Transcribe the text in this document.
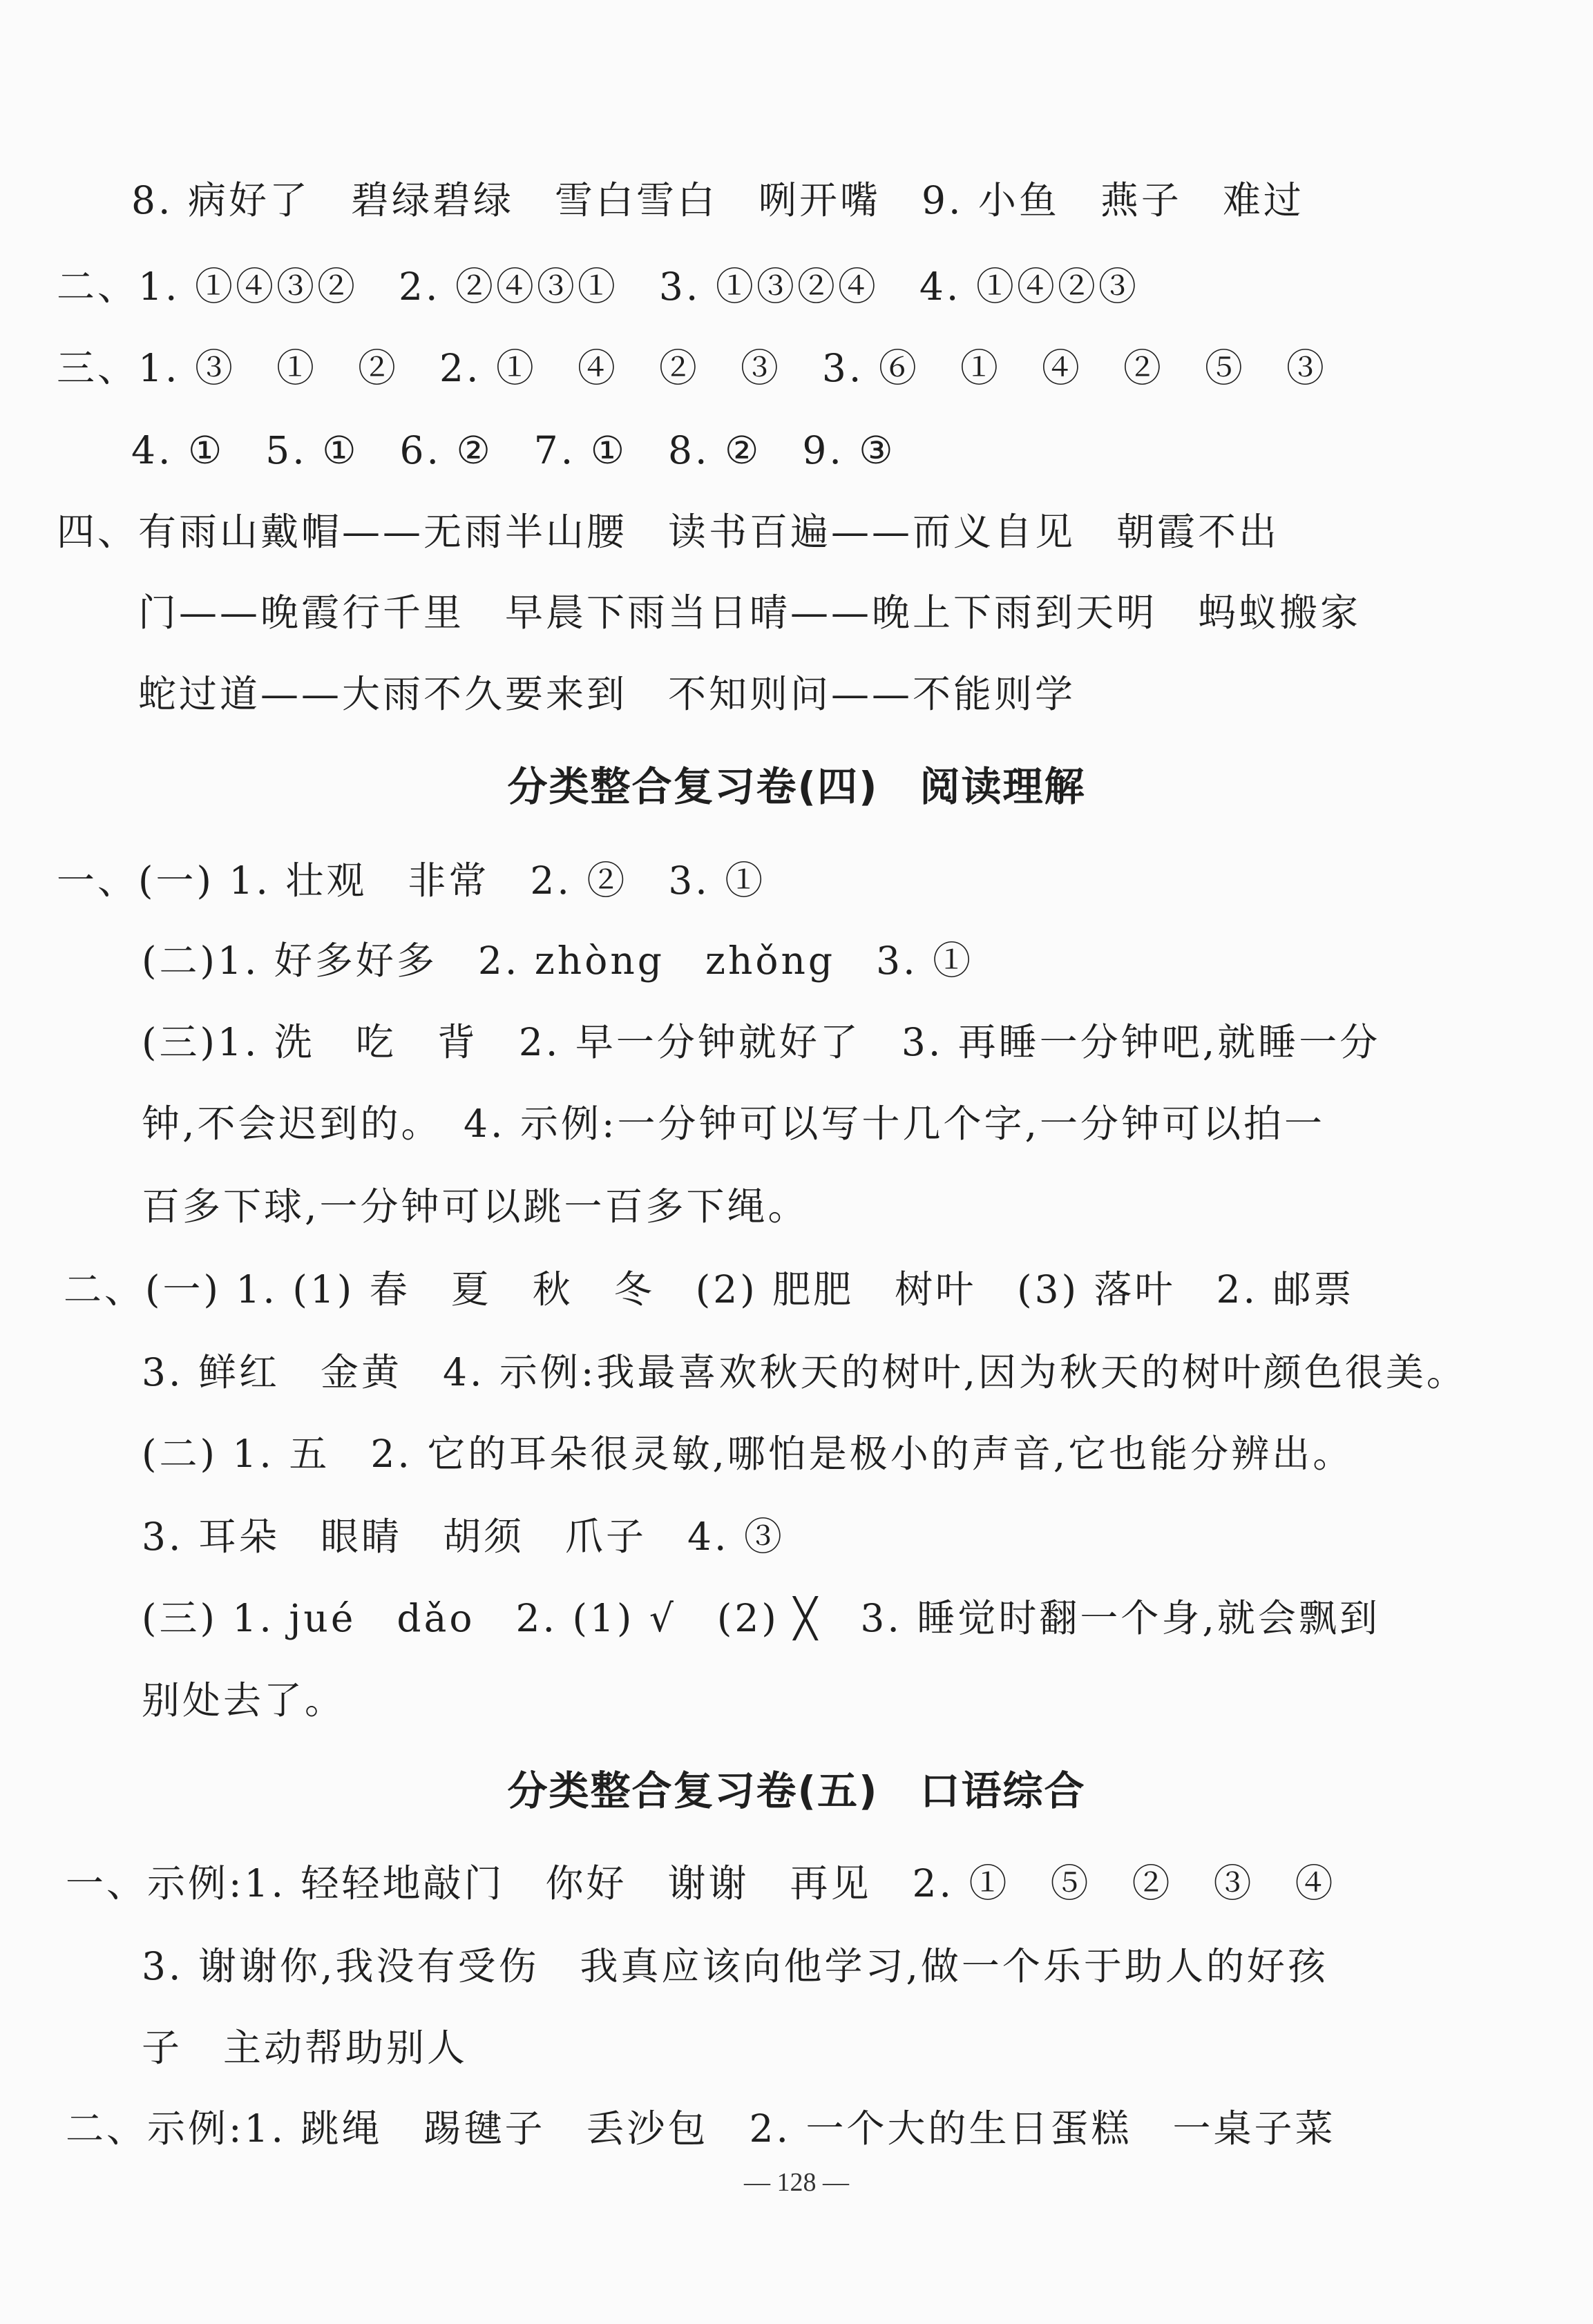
8. 病好了　碧绿碧绿　雪白雪白　咧开嘴　9. 小鱼　燕子　难过
二、1. ①④③②　2. ②④③①　3. ①③②④　4. ①④②③
三、1. ③　①　②　2. ①　④　②　③　3. ⑥　①　④　②　⑤　③
4. ①　5. ①　6. ②　7. ①　8. ②　9. ③
四、有雨山戴帽——无雨半山腰　读书百遍——而义自见　朝霞不出
门——晚霞行千里　早晨下雨当日晴——晚上下雨到天明　蚂蚁搬家
蛇过道——大雨不久要来到　不知则问——不能则学
分类整合复习卷(四)　阅读理解
一、(一) 1. 壮观　非常　2. ②　3. ①
(二)1. 好多好多　2. zhòng　zhǒng　3. ①
(三)1. 洗　吃　背　2. 早一分钟就好了　3. 再睡一分钟吧,就睡一分
钟,不会迟到的。　4. 示例:一分钟可以写十几个字,一分钟可以拍一
百多下球,一分钟可以跳一百多下绳。
二、(一) 1. (1) 春　夏　秋　冬　(2) 肥肥　树叶　(3) 落叶　2. 邮票
3. 鲜红　金黄　4. 示例:我最喜欢秋天的树叶,因为秋天的树叶颜色很美。
(二) 1. 五　2. 它的耳朵很灵敏,哪怕是极小的声音,它也能分辨出。
3. 耳朵　眼睛　胡须　爪子　4. ③
(三) 1. jué　dǎo　2. (1) √　(2) ╳　3. 睡觉时翻一个身,就会飘到
别处去了。
分类整合复习卷(五)　口语综合
一、示例:1. 轻轻地敲门　你好　谢谢　再见　2. ①　⑤　②　③　④
3. 谢谢你,我没有受伤　我真应该向他学习,做一个乐于助人的好孩
子　主动帮助别人
二、示例:1. 跳绳　踢毽子　丢沙包　2. 一个大的生日蛋糕　一桌子菜
— 128 —
